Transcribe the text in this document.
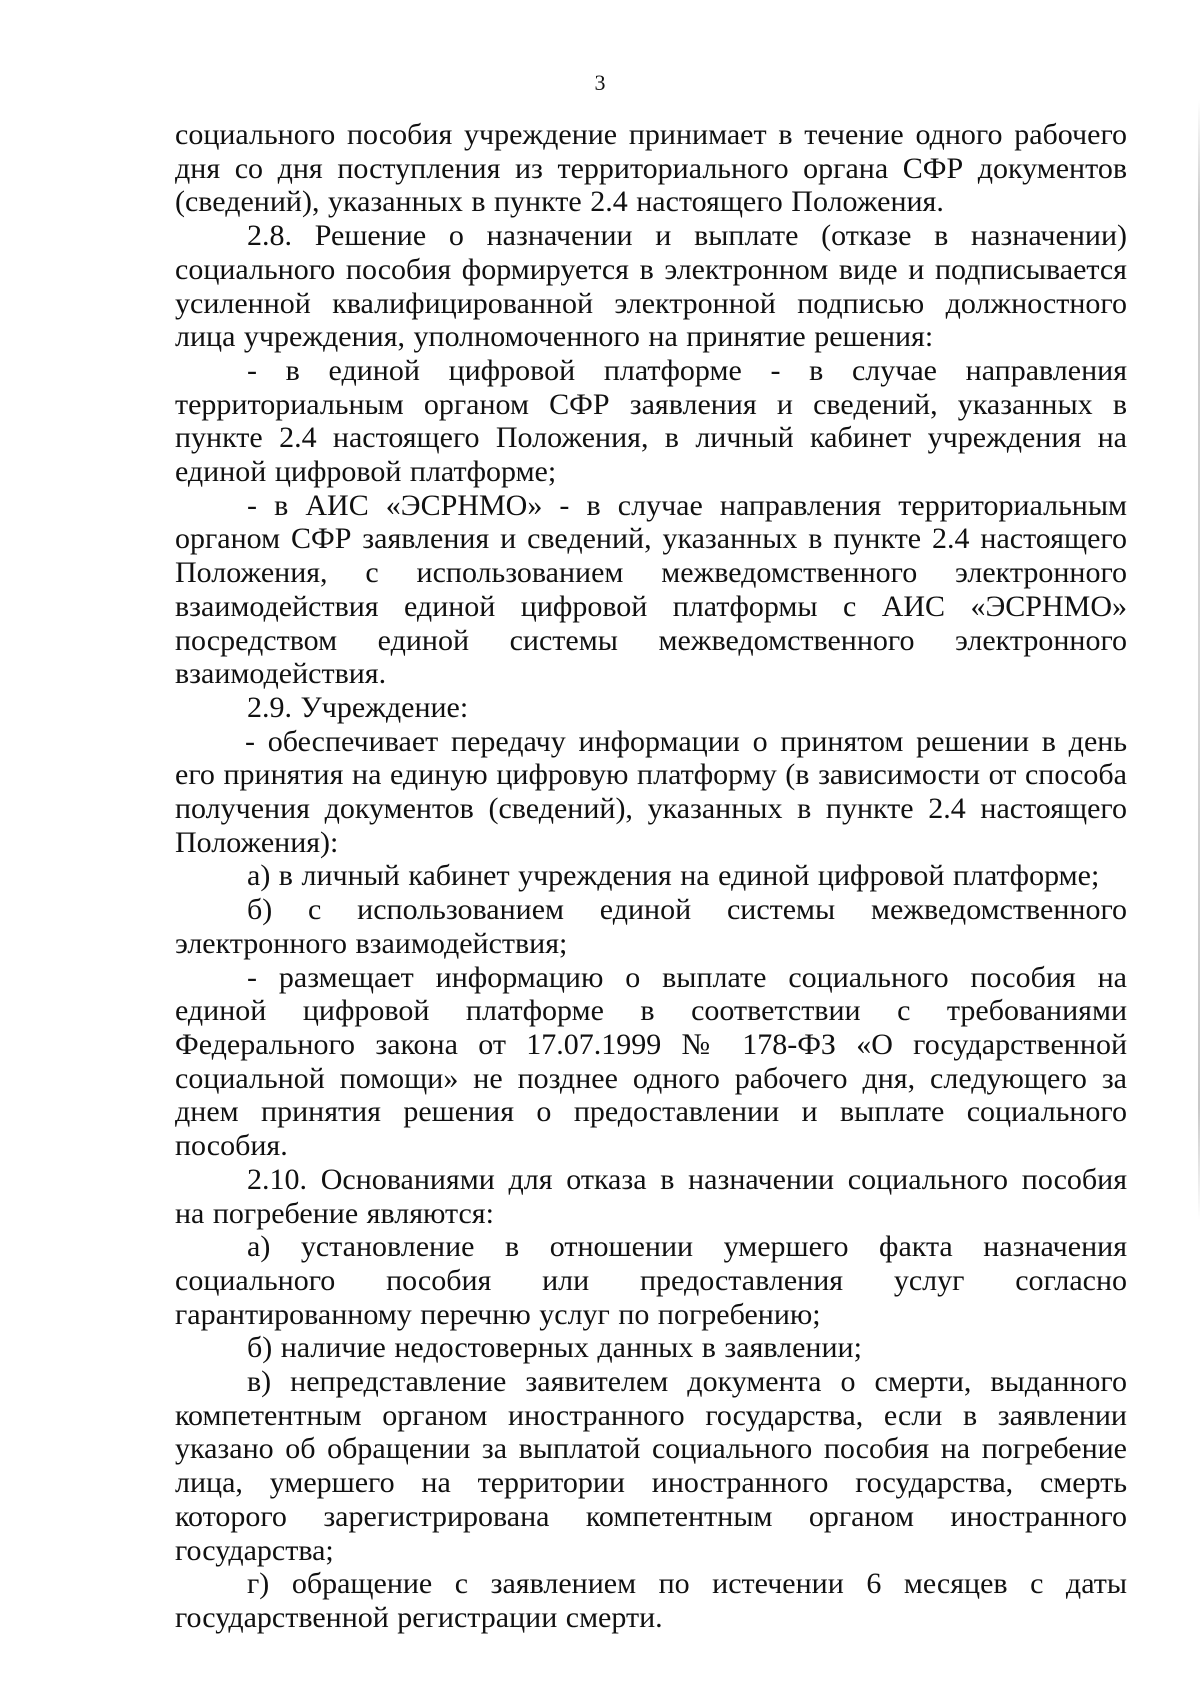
3

социального пособия учреждение принимает в течение одного рабочего дня со дня поступления из территориального органа СФР документов (сведений), указанных в пункте 2.4 настоящего Положения.

2.8. Решение о назначении и выплате (отказе в назначении) социального пособия формируется в электронном виде и подписывается усиленной квалифицированной электронной подписью должностного лица учреждения, уполномоченного на принятие решения:

- в единой цифровой платформе - в случае направления территориальным органом СФР заявления и сведений, указанных в пункте 2.4 настоящего Положения, в личный кабинет учреждения на единой цифровой платформе;

- в АИС «ЭСРНМО» - в случае направления территориальным органом СФР заявления и сведений, указанных в пункте 2.4 настоящего Положения, с использованием межведомственного электронного взаимодействия единой цифровой платформы с АИС «ЭСРНМО» посредством единой системы межведомственного электронного взаимодействия.

2.9. Учреждение:

- обеспечивает передачу информации о принятом решении в день его принятия на единую цифровую платформу (в зависимости от способа получения документов (сведений), указанных в пункте 2.4 настоящего Положения):

а) в личный кабинет учреждения на единой цифровой платформе;

б) с использованием единой системы межведомственного электронного взаимодействия;

- размещает информацию о выплате социального пособия на единой цифровой платформе в соответствии с требованиями Федерального закона от 17.07.1999 № 178-ФЗ «О государственной социальной помощи» не позднее одного рабочего дня, следующего за днем принятия решения о предоставлении и выплате социального пособия.

2.10. Основаниями для отказа в назначении социального пособия на погребение являются:

а) установление в отношении умершего факта назначения социального пособия или предоставления услуг согласно гарантированному перечню услуг по погребению;

б) наличие недостоверных данных в заявлении;

в) непредставление заявителем документа о смерти, выданного компетентным органом иностранного государства, если в заявлении указано об обращении за выплатой социального пособия на погребение лица, умершего на территории иностранного государства, смерть которого зарегистрирована компетентным органом иностранного государства;

г) обращение с заявлением по истечении 6 месяцев с даты государственной регистрации смерти.
